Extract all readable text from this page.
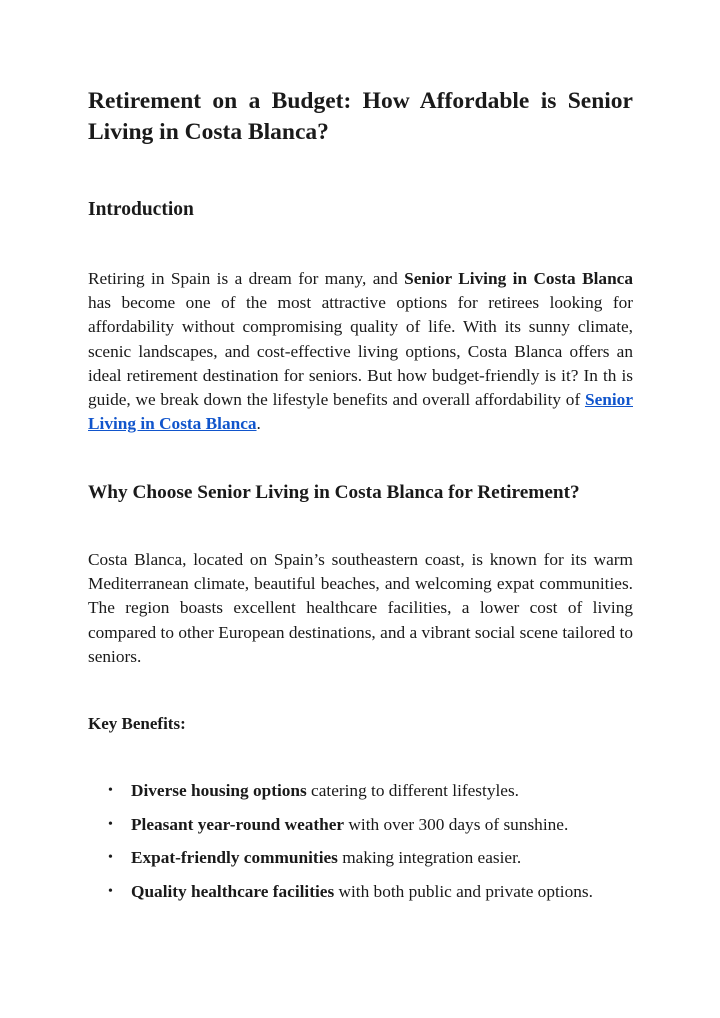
Retirement on a Budget: How Affordable is Senior Living in Costa Blanca?
Introduction

Retiring in Spain is a dream for many, and Senior Living in Costa Blanca has become one of the most attractive options for retirees looking for affordability without compromising quality of life. With its sunny climate, scenic landscapes, and cost-effective living options, Costa Blanca offers an ideal retirement destination for seniors. But how budget-friendly is it? In th is guide, we break down the lifestyle benefits and overall affordability of Senior Living in Costa Blanca.

Why Choose Senior Living in Costa Blanca for Retirement?

Costa Blanca, located on Spain’s southeastern coast, is known for its warm Mediterranean climate, beautiful beaches, and welcoming expat communities. The region boasts excellent healthcare facilities, a lower cost of living compared to other European destinations, and a vibrant social scene tailored to seniors.

Key Benefits:
• Diverse housing options catering to different lifestyles.
• Pleasant year-round weather with over 300 days of sunshine.
• Expat-friendly communities making integration easier.
• Quality healthcare facilities with both public and private options.
